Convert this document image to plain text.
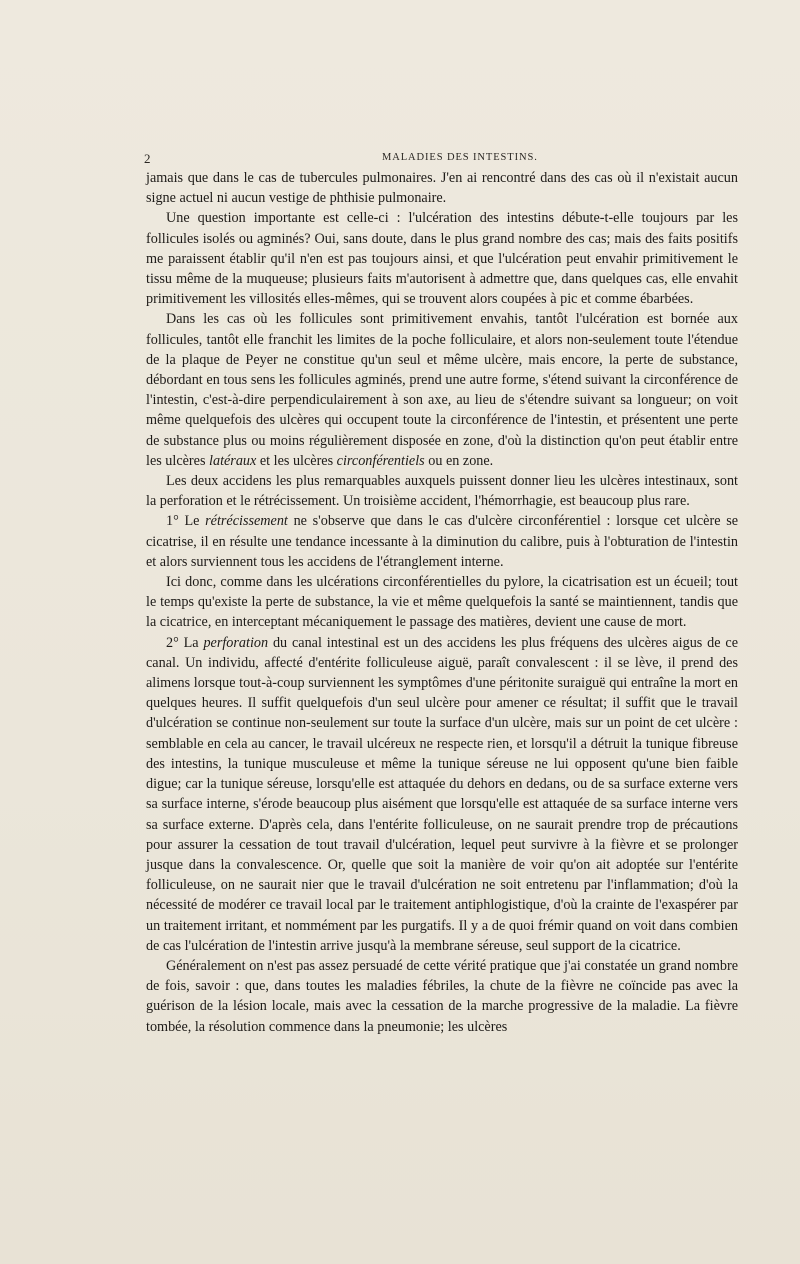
2	MALADIES DES INTESTINS.

jamais que dans le cas de tubercules pulmonaires. J'en ai rencontré dans des cas où il n'existait aucun signe actuel ni aucun vestige de phthisie pulmonaire.

Une question importante est celle-ci : l'ulcération des intestins débute-t-elle toujours par les follicules isolés ou agminés? Oui, sans doute, dans le plus grand nombre des cas; mais des faits positifs me paraissent établir qu'il n'en est pas toujours ainsi, et que l'ulcération peut envahir primitivement le tissu même de la muqueuse; plusieurs faits m'autorisent à admettre que, dans quelques cas, elle envahit primitivement les villosités elles-mêmes, qui se trouvent alors coupées à pic et comme ébarbées.

Dans les cas où les follicules sont primitivement envahis, tantôt l'ulcération est bornée aux follicules, tantôt elle franchit les limites de la poche folliculaire, et alors non-seulement toute l'étendue de la plaque de Peyer ne constitue qu'un seul et même ulcère, mais encore, la perte de substance, débordant en tous sens les follicules agminés, prend une autre forme, s'étend suivant la circonférence de l'intestin, c'est-à-dire perpendiculairement à son axe, au lieu de s'étendre suivant sa longueur; on voit même quelquefois des ulcères qui occupent toute la circonférence de l'intestin, et présentent une perte de substance plus ou moins régulièrement disposée en zone, d'où la distinction qu'on peut établir entre les ulcères latéraux et les ulcères circonférentiels ou en zone.

Les deux accidens les plus remarquables auxquels puissent donner lieu les ulcères intestinaux, sont la perforation et le rétrécissement. Un troisième accident, l'hémorrhagie, est beaucoup plus rare.

1° Le rétrécissement ne s'observe que dans le cas d'ulcère circonférentiel : lorsque cet ulcère se cicatrise, il en résulte une tendance incessante à la diminution du calibre, puis à l'obturation de l'intestin et alors surviennent tous les accidens de l'étranglement interne.

Ici donc, comme dans les ulcérations circonférentielles du pylore, la cicatrisation est un écueil; tout le temps qu'existe la perte de substance, la vie et même quelquefois la santé se maintiennent, tandis que la cicatrice, en interceptant mécaniquement le passage des matières, devient une cause de mort.

2° La perforation du canal intestinal est un des accidens les plus fréquens des ulcères aigus de ce canal. Un individu, affecté d'entérite folliculeuse aiguë, paraît convalescent : il se lève, il prend des alimens lorsque tout-à-coup surviennent les symptômes d'une péritonite suraiguë qui entraîne la mort en quelques heures. Il suffit quelquefois d'un seul ulcère pour amener ce résultat; il suffit que le travail d'ulcération se continue non-seulement sur toute la surface d'un ulcère, mais sur un point de cet ulcère : semblable en cela au cancer, le travail ulcéreux ne respecte rien, et lorsqu'il a détruit la tunique fibreuse des intestins, la tunique musculeuse et même la tunique séreuse ne lui opposent qu'une bien faible digue; car la tunique séreuse, lorsqu'elle est attaquée du dehors en dedans, ou de sa surface externe vers sa surface interne, s'érode beaucoup plus aisément que lorsqu'elle est attaquée de sa surface interne vers sa surface externe. D'après cela, dans l'entérite folliculeuse, on ne saurait prendre trop de précautions pour assurer la cessation de tout travail d'ulcération, lequel peut survivre à la fièvre et se prolonger jusque dans la convalescence. Or, quelle que soit la manière de voir qu'on ait adoptée sur l'entérite folliculeuse, on ne saurait nier que le travail d'ulcération ne soit entretenu par l'inflammation; d'où la nécessité de modérer ce travail local par le traitement antiphlogistique, d'où la crainte de l'exaspérer par un traitement irritant, et nommément par les purgatifs. Il y a de quoi frémir quand on voit dans combien de cas l'ulcération de l'intestin arrive jusqu'à la membrane séreuse, seul support de la cicatrice.

Généralement on n'est pas assez persuadé de cette vérité pratique que j'ai constatée un grand nombre de fois, savoir : que, dans toutes les maladies fébriles, la chute de la fièvre ne coïncide pas avec la guérison de la lésion locale, mais avec la cessation de la marche progressive de la maladie. La fièvre tombée, la résolution commence dans la pneumonie; les ulcères
